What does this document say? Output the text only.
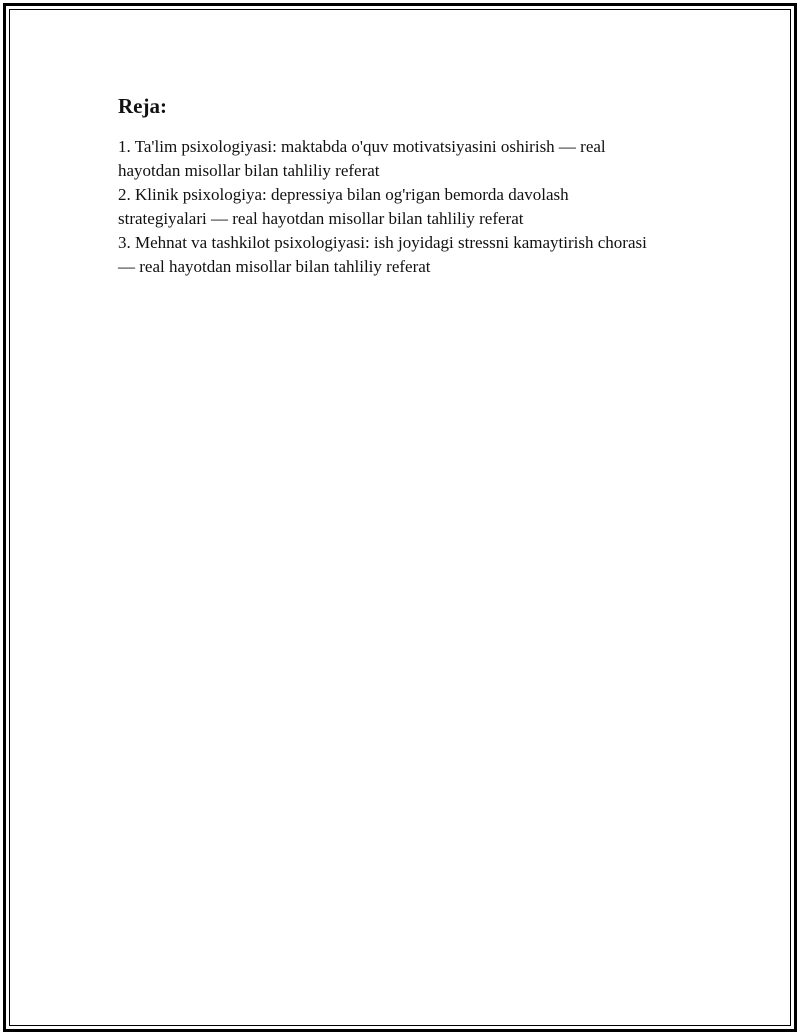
Reja:

1. Ta'lim psixologiyasi: maktabda o'quv motivatsiyasini oshirish — real hayotdan misollar bilan tahliliy referat

2. Klinik psixologiya: depressiya bilan og'rigan bemorda davolash strategiyalari — real hayotdan misollar bilan tahliliy referat

3. Mehnat va tashkilot psixologiyasi: ish joyidagi stressni kamaytirish chorasi — real hayotdan misollar bilan tahliliy referat
